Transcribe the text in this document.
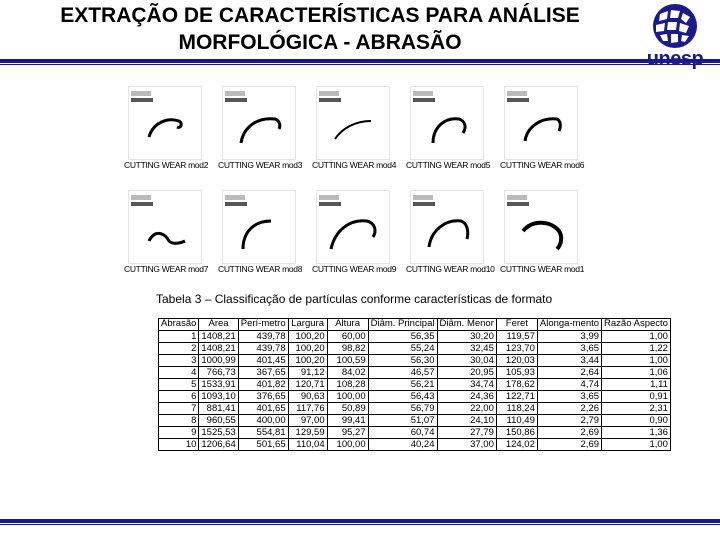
EXTRAÇÃO DE CARACTERÍSTICAS PARA ANÁLISE
MORFOLÓGICA - ABRASÃO
CUTTING WEAR mod2	CUTTING WEAR mod3	CUTTING WEAR mod4	CUTTING WEAR mod5	CUTTING WEAR mod6
CUTTING WEAR mod7	CUTTING WEAR mod8	CUTTING WEAR mod9	CUTTING WEAR mod10 CUTTING WEAR mod1
Tabela 3 – Classificação de partículas conforme características de formato
Abrasão	Área	Perí-metro	Largura	Altura	Diâm. Principal	Diâm. Menor	Feret	Alonga-mento	Razão Aspecto
1	1408,21	439,78	100,20	60,00	56,35	30,20	119,57	3,99	1,00
2	1408,21	439,78	100,20	98,82	55,24	32,45	123,70	3,65	1,22
3	1000,99	401,45	100,20	100,59	56,30	30,04	120,03	3,44	1,00
4	766,73	367,65	91,12	84,02	46,57	20,95	105,93	2,64	1,06
5	1533,91	401,82	120,71	108,28	56,21	34,74	178,62	4,74	1,11
6	1093,10	376,65	90,63	100,00	56,43	24,36	122,71	3,65	0,91
7	881,41	401,65	117,76	50,89	56,79	22,00	118,24	2,26	2,31
8	960,55	400,00	97,00	99,41	51,07	24,10	110,49	2,79	0,90
9	1525,53	554,81	129,59	95,27	60,74	27,79	150,86	2,69	1,36
10	1206,64	501,65	110,04	100,00	40,24	37,00	124,02	2,69	1,00
